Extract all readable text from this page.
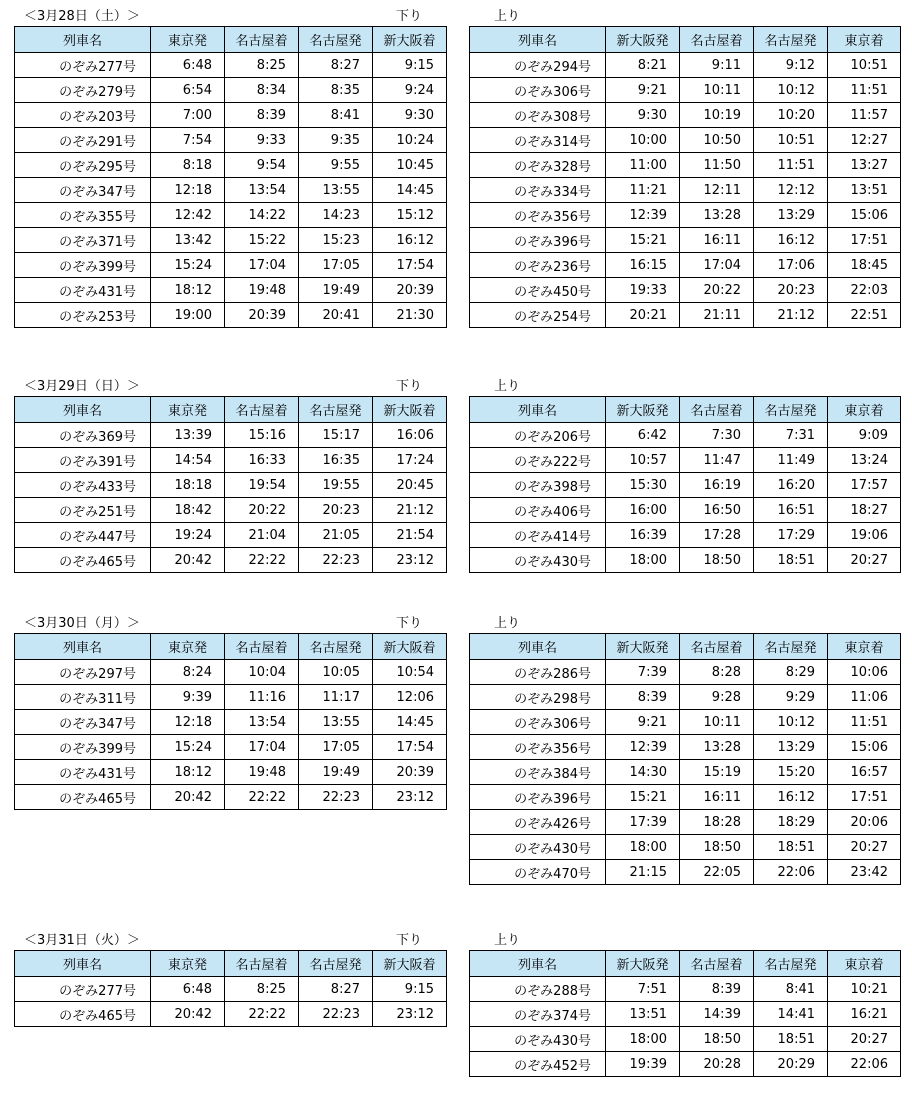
＜3月28日（土）＞	下り	上り
列車名	東京発	名古屋着	名古屋発	新大阪着
のぞみ277号	6:48	8:25	8:27	9:15
のぞみ279号	6:54	8:34	8:35	9:24
のぞみ203号	7:00	8:39	8:41	9:30
のぞみ291号	7:54	9:33	9:35	10:24
のぞみ295号	8:18	9:54	9:55	10:45
のぞみ347号	12:18	13:54	13:55	14:45
のぞみ355号	12:42	14:22	14:23	15:12
のぞみ371号	13:42	15:22	15:23	16:12
のぞみ399号	15:24	17:04	17:05	17:54
のぞみ431号	18:12	19:48	19:49	20:39
のぞみ253号	19:00	20:39	20:41	21:30
列車名	新大阪発	名古屋着	名古屋発	東京着
のぞみ294号	8:21	9:11	9:12	10:51
のぞみ306号	9:21	10:11	10:12	11:51
のぞみ308号	9:30	10:19	10:20	11:57
のぞみ314号	10:00	10:50	10:51	12:27
のぞみ328号	11:00	11:50	11:51	13:27
のぞみ334号	11:21	12:11	12:12	13:51
のぞみ356号	12:39	13:28	13:29	15:06
のぞみ396号	15:21	16:11	16:12	17:51
のぞみ236号	16:15	17:04	17:06	18:45
のぞみ450号	19:33	20:22	20:23	22:03
のぞみ254号	20:21	21:11	21:12	22:51
＜3月29日（日）＞	下り	上り
列車名	東京発	名古屋着	名古屋発	新大阪着
のぞみ369号	13:39	15:16	15:17	16:06
のぞみ391号	14:54	16:33	16:35	17:24
のぞみ433号	18:18	19:54	19:55	20:45
のぞみ251号	18:42	20:22	20:23	21:12
のぞみ447号	19:24	21:04	21:05	21:54
のぞみ465号	20:42	22:22	22:23	23:12
列車名	新大阪発	名古屋着	名古屋発	東京着
のぞみ206号	6:42	7:30	7:31	9:09
のぞみ222号	10:57	11:47	11:49	13:24
のぞみ398号	15:30	16:19	16:20	17:57
のぞみ406号	16:00	16:50	16:51	18:27
のぞみ414号	16:39	17:28	17:29	19:06
のぞみ430号	18:00	18:50	18:51	20:27
＜3月30日（月）＞	下り	上り
列車名	東京発	名古屋着	名古屋発	新大阪着
のぞみ297号	8:24	10:04	10:05	10:54
のぞみ311号	9:39	11:16	11:17	12:06
のぞみ347号	12:18	13:54	13:55	14:45
のぞみ399号	15:24	17:04	17:05	17:54
のぞみ431号	18:12	19:48	19:49	20:39
のぞみ465号	20:42	22:22	22:23	23:12
列車名	新大阪発	名古屋着	名古屋発	東京着
のぞみ286号	7:39	8:28	8:29	10:06
のぞみ298号	8:39	9:28	9:29	11:06
のぞみ306号	9:21	10:11	10:12	11:51
のぞみ356号	12:39	13:28	13:29	15:06
のぞみ384号	14:30	15:19	15:20	16:57
のぞみ396号	15:21	16:11	16:12	17:51
のぞみ426号	17:39	18:28	18:29	20:06
のぞみ430号	18:00	18:50	18:51	20:27
のぞみ470号	21:15	22:05	22:06	23:42
＜3月31日（火）＞	下り	上り
列車名	東京発	名古屋着	名古屋発	新大阪着
のぞみ277号	6:48	8:25	8:27	9:15
のぞみ465号	20:42	22:22	22:23	23:12
列車名	新大阪発	名古屋着	名古屋発	東京着
のぞみ288号	7:51	8:39	8:41	10:21
のぞみ374号	13:51	14:39	14:41	16:21
のぞみ430号	18:00	18:50	18:51	20:27
のぞみ452号	19:39	20:28	20:29	22:06
